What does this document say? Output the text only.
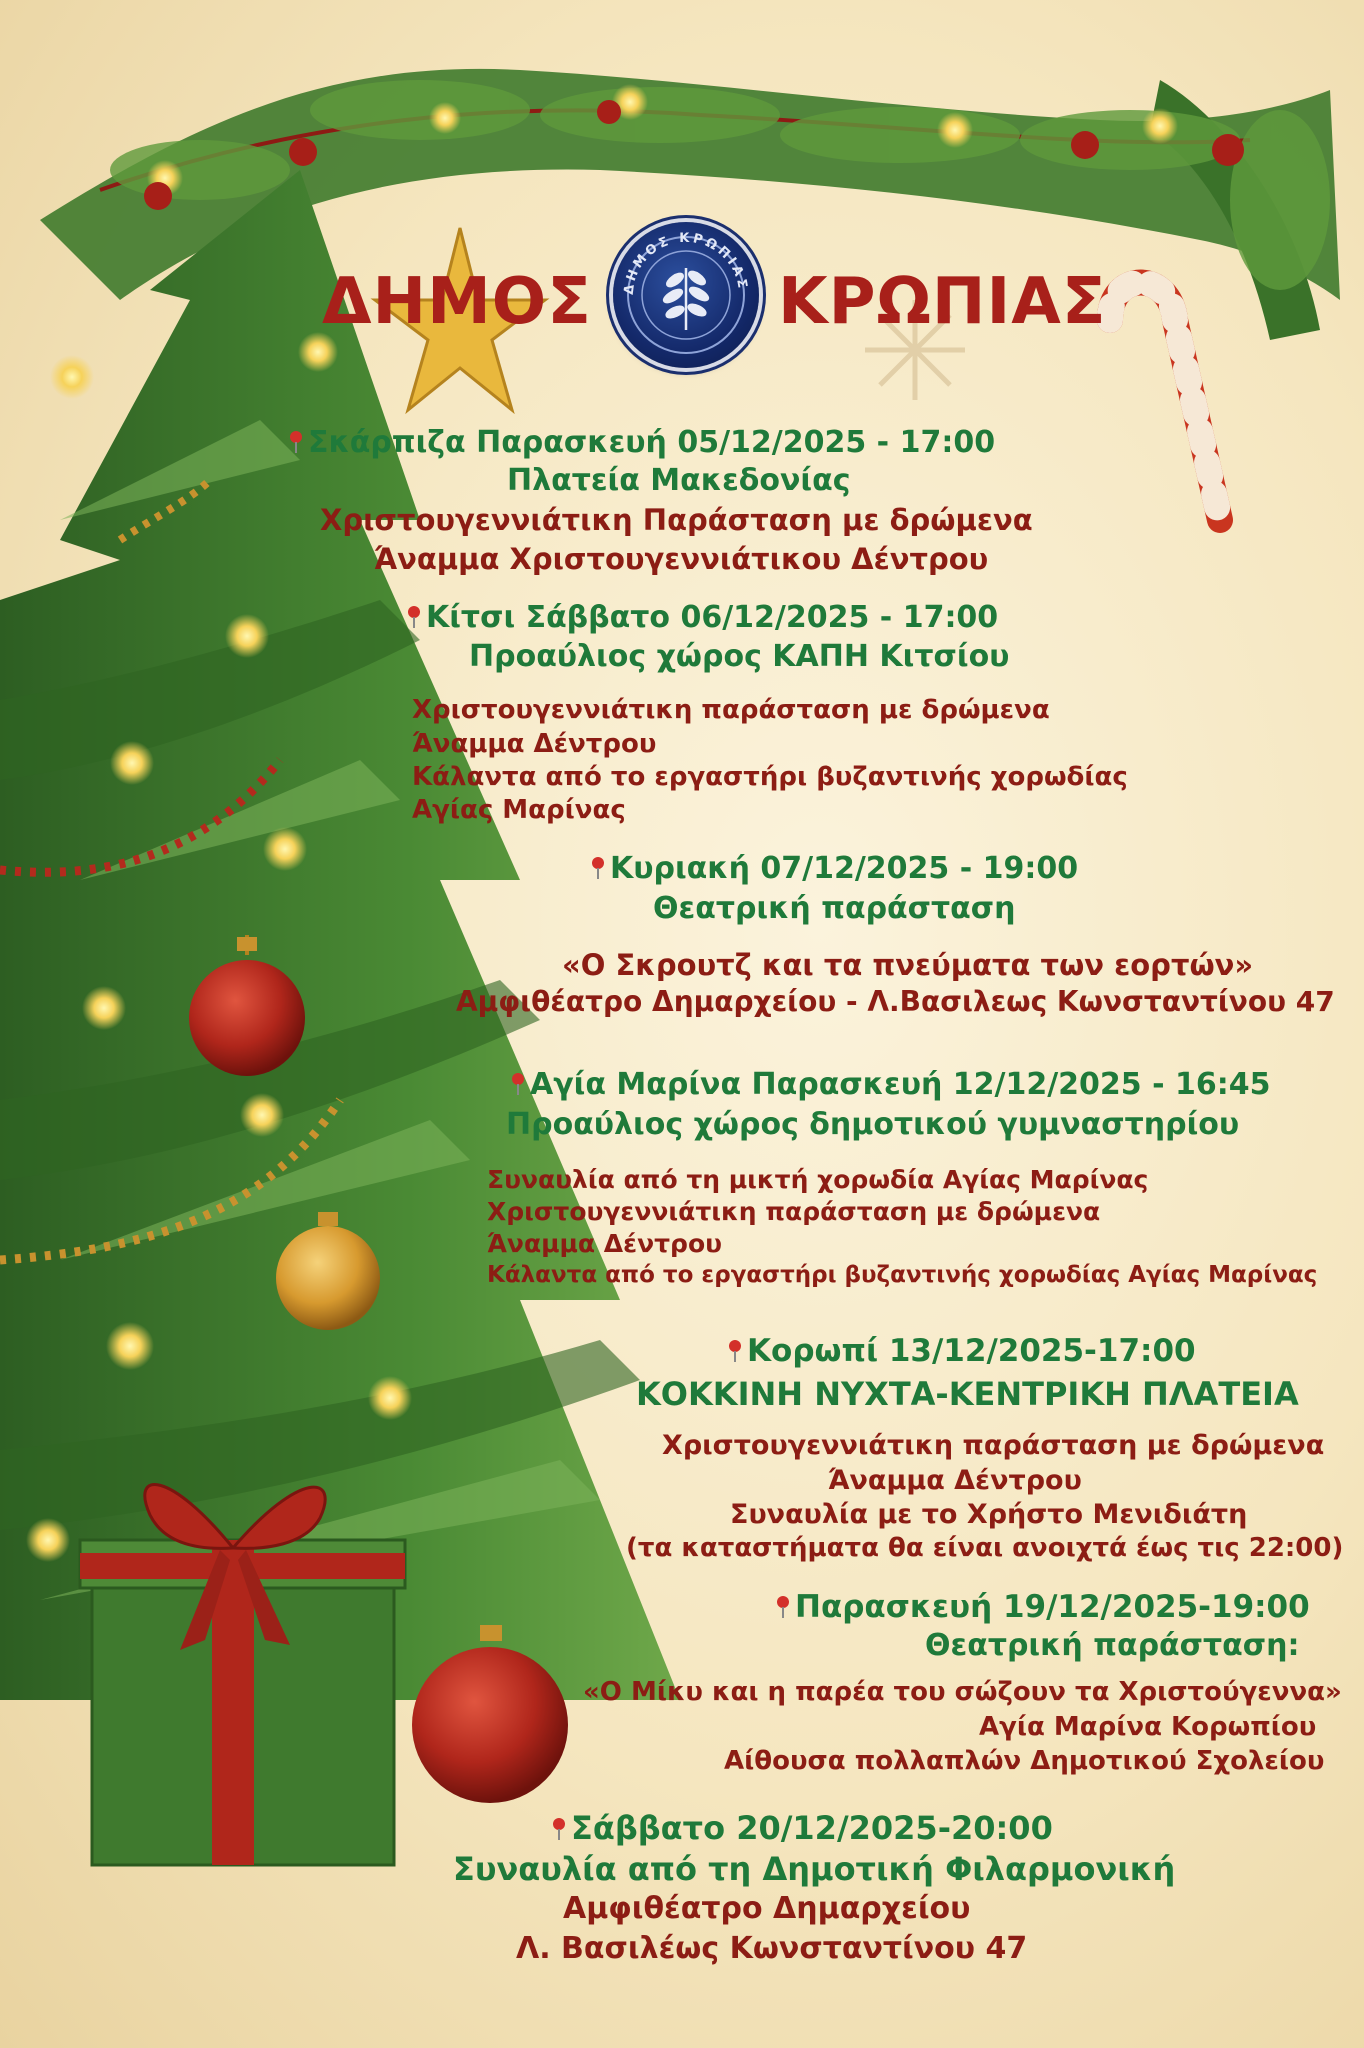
ΔΗΜΟΣ	ΚΡΩΠΙΑΣ
ΔΗΜΟΣ ΚΡΩΠΙΑΣ
Σκάρπιζα Παρασκευή 05/12/2025 - 17:00
Πλατεία Μακεδονίας
Χριστουγεννιάτικη Παράσταση με δρώμενα
Άναμμα Χριστουγεννιάτικου Δέντρου
Κίτσι Σάββατο 06/12/2025 - 17:00
Προαύλιος χώρος ΚΑΠΗ Κιτσίου
Χριστουγεννιάτικη παράσταση με δρώμενα
Άναμμα Δέντρου
Κάλαντα από το εργαστήρι βυζαντινής χορωδίας
Αγίας Μαρίνας
Κυριακή 07/12/2025 - 19:00
Θεατρική παράσταση
«Ο Σκρουτζ και τα πνεύματα των εορτών»
Αμφιθέατρο Δημαρχείου - Λ.Βασιλεως Κωνσταντίνου 47
Αγία Μαρίνα Παρασκευή 12/12/2025 - 16:45
Προαύλιος χώρος δημοτικού γυμναστηρίου
Συναυλία από τη μικτή χορωδία Αγίας Μαρίνας
Χριστουγεννιάτικη παράσταση με δρώμενα
Άναμμα Δέντρου
Κάλαντα από το εργαστήρι βυζαντινής χορωδίας Αγίας Μαρίνας
Κορωπί 13/12/2025-17:00
ΚΟΚΚΙΝΗ ΝΥΧΤΑ-ΚΕΝΤΡΙΚΗ ΠΛΑΤΕΙΑ
Χριστουγεννιάτικη παράσταση με δρώμενα
Άναμμα Δέντρου
Συναυλία με το Χρήστο Μενιδιάτη
(τα καταστήματα θα είναι ανοιχτά έως τις 22:00)
Παρασκευή 19/12/2025-19:00
Θεατρική παράσταση:
«Ο Μίκυ και η παρέα του σώζουν τα Χριστούγεννα»
Αγία Μαρίνα Κορωπίου
Αίθουσα πολλαπλών Δημοτικού Σχολείου
Σάββατο 20/12/2025-20:00
Συναυλία από τη Δημοτική Φιλαρμονική
Αμφιθέατρο Δημαρχείου
Λ. Βασιλέως Κωνσταντίνου 47
